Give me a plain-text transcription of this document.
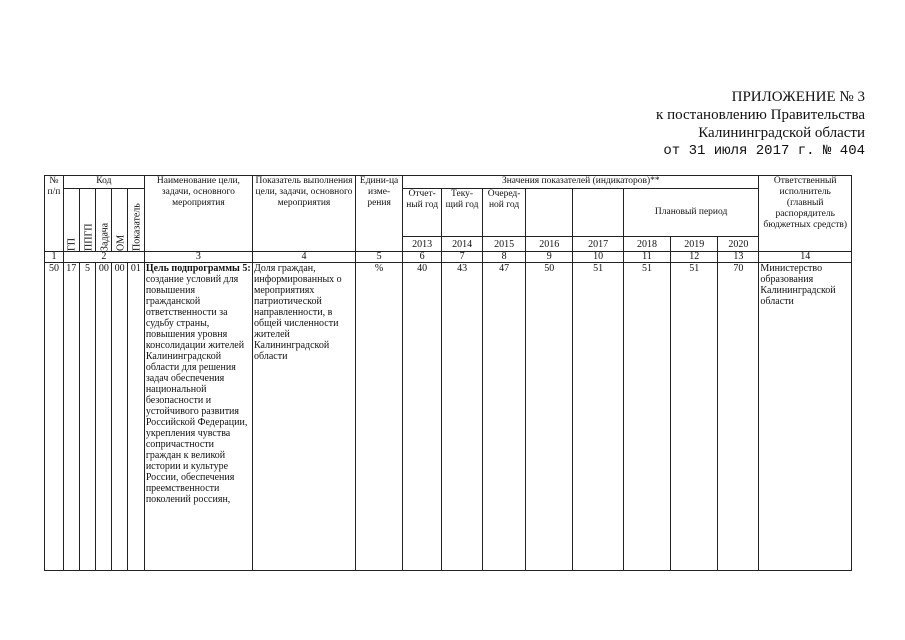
ПРИЛОЖЕНИЕ № 3
к постановлению Правительства
Калининградской области
от 31 июля 2017 г. № 404
№ п/п	Код					Наименование цели, задачи, основного мероприятия	Показатель выполнения цели, задачи, основного мероприятия	Едини-ца изме-рения	Значения показателей (индикаторов)**								Ответственный исполнитель (главный распорядитель бюджетных средств)
	ГП	ППГП	Задача	ОМ	Показатель				Отчет-ный год	Теку-щий год	Очеред-ной год			Плановый период			
									2013	2014	2015	2016	2017	2018	2019	2020	
1	2					3	4	5	6	7	8	9	10	11	12	13	14
50	17	5	00	00	01	Цель подпрограммы 5:
создание условий для повышения гражданской ответственности за судьбу страны, повышения уровня консолидации жителей Калининградской области для решения задач обеспечения национальной безопасности и устойчивого развития Российской Федерации, укрепления чувства сопричастности граждан к великой истории и культуре России, обеспечения преемственности поколений россиян,	Доля граждан, информированных о мероприятиях патриотической направленности, в общей численности жителей Калининградской области	%	40	43	47	50	51	51	51	70	Министерство образования Калининградской области
